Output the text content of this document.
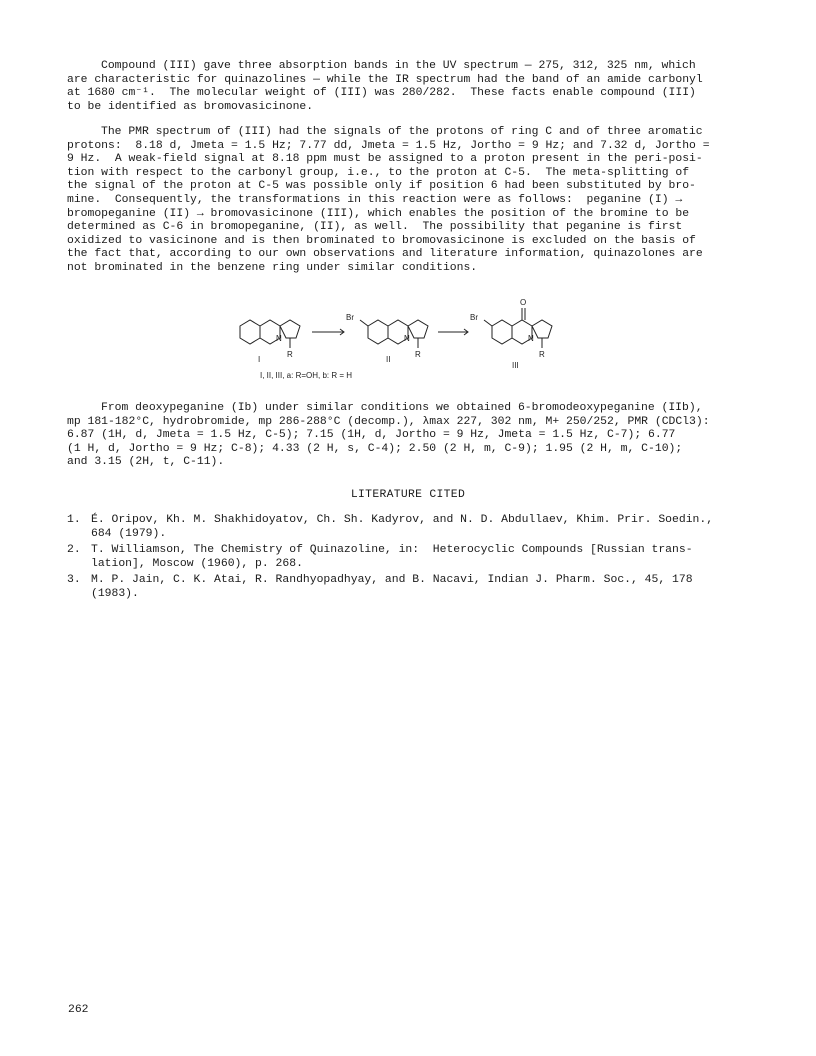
Compound (III) gave three absorption bands in the UV spectrum — 275, 312, 325 nm, which
are characteristic for quinazolines — while the IR spectrum had the band of an amide carbonyl
at 1680 cm⁻¹.  The molecular weight of (III) was 280/282.  These facts enable compound (III)
to be identified as bromovasicinone.
The PMR spectrum of (III) had the signals of the protons of ring C and of three aromatic
protons:  8.18 d, Jmeta = 1.5 Hz; 7.77 dd, Jmeta = 1.5 Hz, Jortho = 9 Hz; and 7.32 d, Jortho =
9 Hz.  A weak-field signal at 8.18 ppm must be assigned to a proton present in the peri-posi-
tion with respect to the carbonyl group, i.e., to the proton at C-5.  The meta-splitting of
the signal of the proton at C-5 was possible only if position 6 had been substituted by bro-
mine.  Consequently, the transformations in this reaction were as follows:  peganine (I) →
bromopeganine (II) → bromovasicinone (III), which enables the position of the bromine to be
determined as C-6 in bromopeganine, (II), as well.  The possibility that peganine is first
oxidized to vasicinone and is then brominated to bromovasicinone is excluded on the basis of
the fact that, according to our own observations and literature information, quinazolones are
not brominated in the benzene ring under similar conditions.
N
R
I
Br
N
R
II
Br
O
N
R
III
I, II, III, a: R=OH, b: R = H
From deoxypeganine (Ib) under similar conditions we obtained 6-bromodeoxypeganine (IIb),
mp 181-182°C, hydrobromide, mp 286-288°C (decomp.), λmax 227, 302 nm, M+ 250/252, PMR (CDCl3):
6.87 (1H, d, Jmeta = 1.5 Hz, C-5); 7.15 (1H, d, Jortho = 9 Hz, Jmeta = 1.5 Hz, C-7); 6.77
(1 H, d, Jortho = 9 Hz; C-8); 4.33 (2 H, s, C-4); 2.50 (2 H, m, C-9); 1.95 (2 H, m, C-10);
and 3.15 (2H, t, C-11).
LITERATURE CITED
1. É. Oripov, Kh. M. Shakhidoyatov, Ch. Sh. Kadyrov, and N. D. Abdullaev, Khim. Prir. Soedin.,
684 (1979).
2. T. Williamson, The Chemistry of Quinazoline, in:  Heterocyclic Compounds [Russian trans-
lation], Moscow (1960), p. 268.
3. M. P. Jain, C. K. Atai, R. Randhyopadhyay, and B. Nacavi, Indian J. Pharm. Soc., 45, 178
(1983).
262
